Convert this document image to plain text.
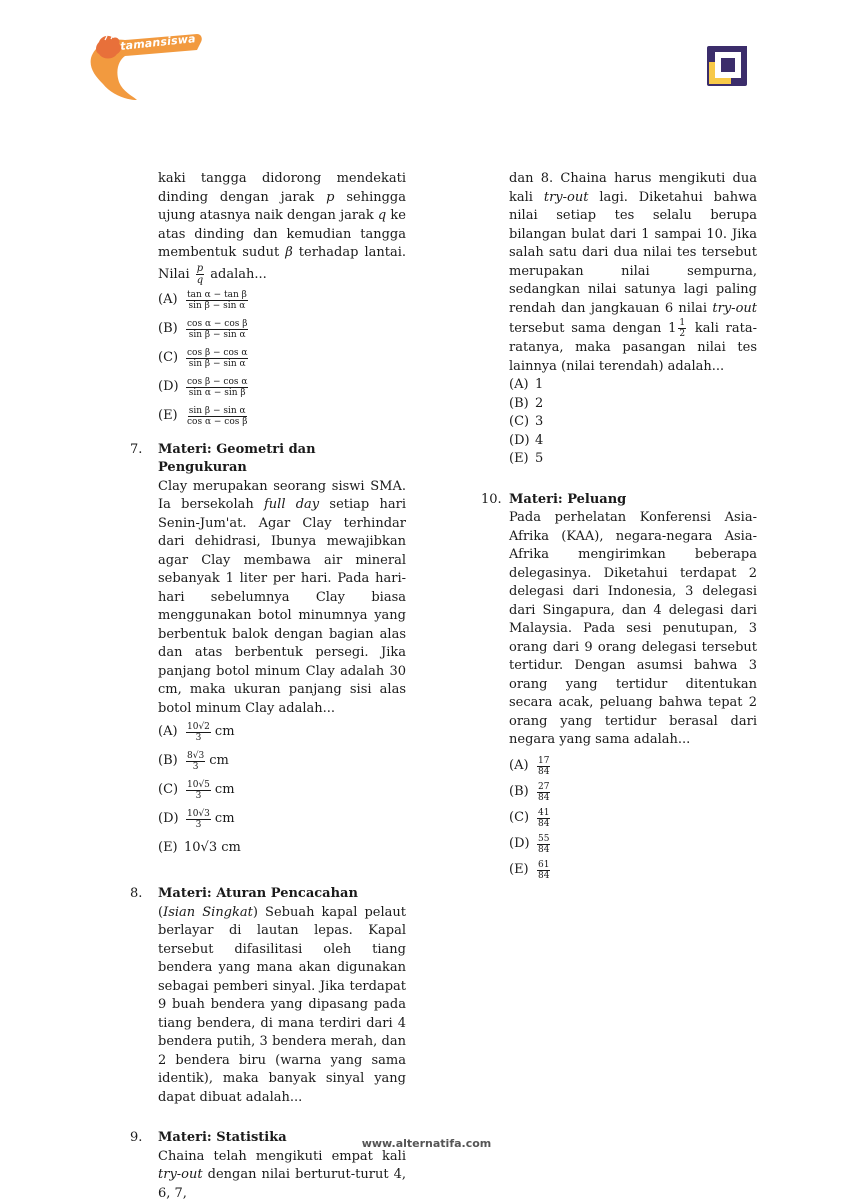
tamansiswa

kaki tangga didorong mendekati dinding dengan jarak p sehingga ujung atasnya naik dengan jarak q ke atas dinding dan kemudian tangga membentuk sudut β terhadap lantai. Nilai $\frac{p}{q}$ adalah...

$(A) \frac{\text{tan α − tan β}}{\text{sin β − sin α}}$
$(B) \frac{\text{cos α − cos β}}{\text{sin β − sin α}}$
$(C) \frac{\text{cos β − cos α}}{\text{sin β − sin α}}$
$(D) \frac{\text{cos β − cos α}}{\text{sin α − sin β}}$
$(E) \frac{\text{sin β − sin α}}{\text{cos α − cos β}}$
7. Materi: Geometri dan Pengukuran

Clay merupakan seorang siswi SMA. Ia bersekolah full day setiap hari Senin-Jum'at. Agar Clay terhindar dari dehidrasi, Ibunya mewajibkan agar Clay membawa air mineral sebanyak 1 liter per hari. Pada hari-hari sebelumnya Clay biasa menggunakan botol minumnya yang berbentuk balok dengan bagian alas dan atas berbentuk persegi. Jika panjang botol minum Clay adalah 30 cm, maka ukuran panjang sisi alas botol minum Clay adalah...

$(A) \frac{10√2}{3}$ cm
$(B) \frac{8√3}{3}$ cm
$(C) \frac{10√5}{3}$ cm
$(D) \frac{10√3}{3}$ cm
(E) 10√3 cm
8. Materi: Aturan Pencacahan

(Isian Singkat) Sebuah kapal pelaut berlayar di lautan lepas. Kapal tersebut difasilitasi oleh tiang bendera yang mana akan digunakan sebagai pemberi sinyal. Jika terdapat 9 buah bendera yang dipasang pada tiang bendera, di mana terdiri dari 4 bendera putih, 3 bendera merah, dan 2 bendera biru (warna yang sama identik), maka banyak sinyal yang dapat dibuat adalah...

9. Materi: Statistika

Chaina telah mengikuti empat kali try-out dengan nilai berturut-turut 4, 6, 7,

dan 8. Chaina harus mengikuti dua kali try-out lagi. Diketahui bahwa nilai setiap tes selalu berupa bilangan bulat dari 1 sampai 10. Jika salah satu dari dua nilai tes tersebut merupakan nilai sempurna, sedangkan nilai satunya lagi paling rendah dan jangkauan 6 nilai try-out tersebut sama dengan $1 \frac{1}{2}$ kali rata-ratanya, maka pasangan nilai tes lainnya (nilai terendah) adalah...

(A) 1
(B) 2
(C) 3
(D) 4
(E) 5
10. Materi: Peluang

Pada perhelatan Konferensi Asia-Afrika (KAA), negara-negara Asia-Afrika mengirimkan beberapa delegasinya. Diketahui terdapat 2 delegasi dari Indonesia, 3 delegasi dari Singapura, dan 4 delegasi dari Malaysia. Pada sesi penutupan, 3 orang dari 9 orang delegasi tersebut tertidur. Dengan asumsi bahwa 3 orang yang tertidur ditentukan secara acak, peluang bahwa tepat 2 orang yang tertidur berasal dari negara yang sama adalah...

$(A) \frac{17}{84}$
$(B) \frac{27}{84}$
$(C) \frac{41}{84}$
$(D) \frac{55}{84}$
$(E) \frac{61}{84}$
www.alternatifa.com
